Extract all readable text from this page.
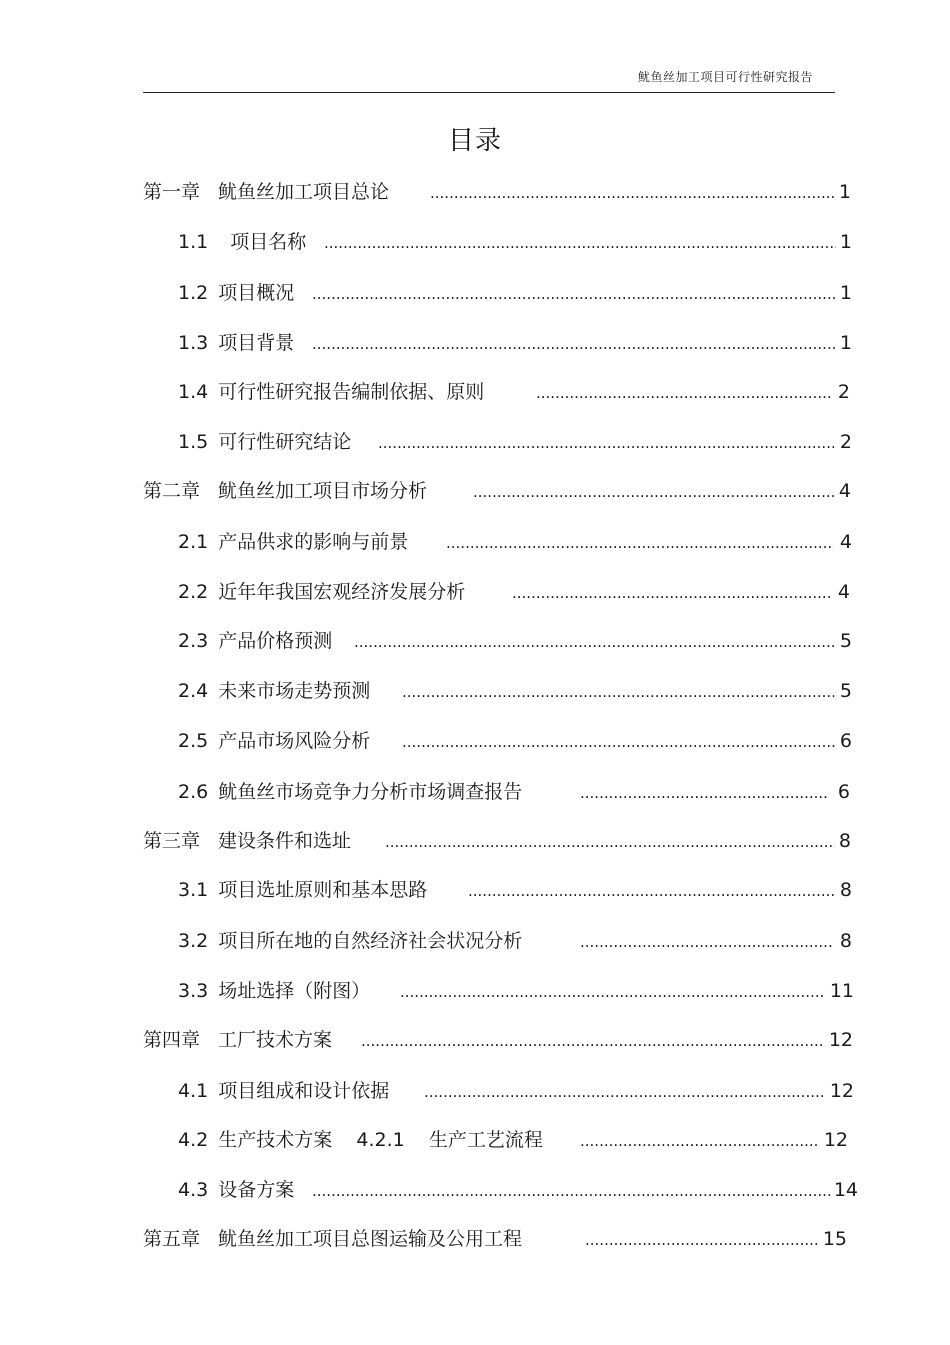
鱿鱼丝加工项目可行性研究报告
目录
第一章 鱿鱼丝加工项目总论 .....	1
1.1 项目名称 .....	1
1.2 项目概况 .....	1
1.3 项目背景 .....	1
1.4 可行性研究报告编制依据、原则 .....	2
1.5 可行性研究结论 .....	2
第二章 鱿鱼丝加工项目市场分析 .....	4
2.1 产品供求的影响与前景 .....	4
2.2 近年年我国宏观经济发展分析 .....	4
2.3 产品价格预测 .....	5
2.4 未来市场走势预测 .....	5
2.5 产品市场风险分析 .....	6
2.6 鱿鱼丝市场竞争力分析市场调查报告 .....	6
第三章 建设条件和选址 .....	8
3.1 项目选址原则和基本思路 .....	8
3.2 项目所在地的自然经济社会状况分析 .....	8
3.3 场址选择（附图） .....	11
第四章 工厂技术方案 .....	12
4.1 项目组成和设计依据 .....	12
4.2 生产技术方案    4.2.1    生产工艺流程 .....	12
4.3 设备方案 .....	14
第五章 鱿鱼丝加工项目总图运输及公用工程 .....	15
